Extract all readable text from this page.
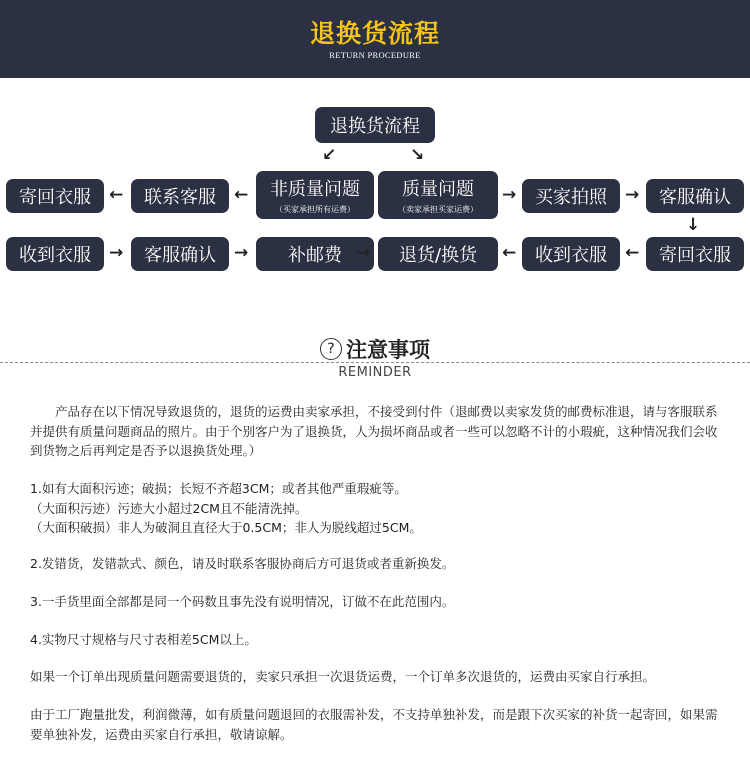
退换货流程
RETURN PROCEDURE
退换货流程
↙	↘
寄回衣服	←	联系客服	← 非质量问题
（买家承担所有运费）
质量问题
（卖家承担买家运费）
→	买家拍照	→	客服确认
↓
收到衣服	→	客服确认	→	补邮费 →	退货/换货	←	收到衣服	←	寄回衣服
? 注意事项
REMINDER
产品存在以下情况导致退货的，退货的运费由卖家承担，不接受到付件（退邮费以卖家发货的邮费标准退，请与客服联系并提供有质量问题商品的照片。由于个别客户为了退换货，人为损坏商品或者一些可以忽略不计的小瑕疵，这种情况我们会收到货物之后再判定是否予以退换货处理。）
1.如有大面积污迹；破损；长短不齐超3CM；或者其他严重瑕疵等。
（大面积污迹）污迹大小超过2CM且不能清洗掉。
（大面积破损）非人为破洞且直径大于0.5CM；非人为脱线超过5CM。
2.发错货，发错款式、颜色，请及时联系客服协商后方可退货或者重新换发。
3.一手货里面全部都是同一个码数且事先没有说明情况，订做不在此范围内。
4.实物尺寸规格与尺寸表相差5CM以上。
如果一个订单出现质量问题需要退货的，卖家只承担一次退货运费，一个订单多次退货的，运费由买家自行承担。
由于工厂跑量批发，利润微薄，如有质量问题退回的衣服需补发，不支持单独补发，而是跟下次买家的补货一起寄回，如果需要单独补发，运费由买家自行承担，敬请谅解。
